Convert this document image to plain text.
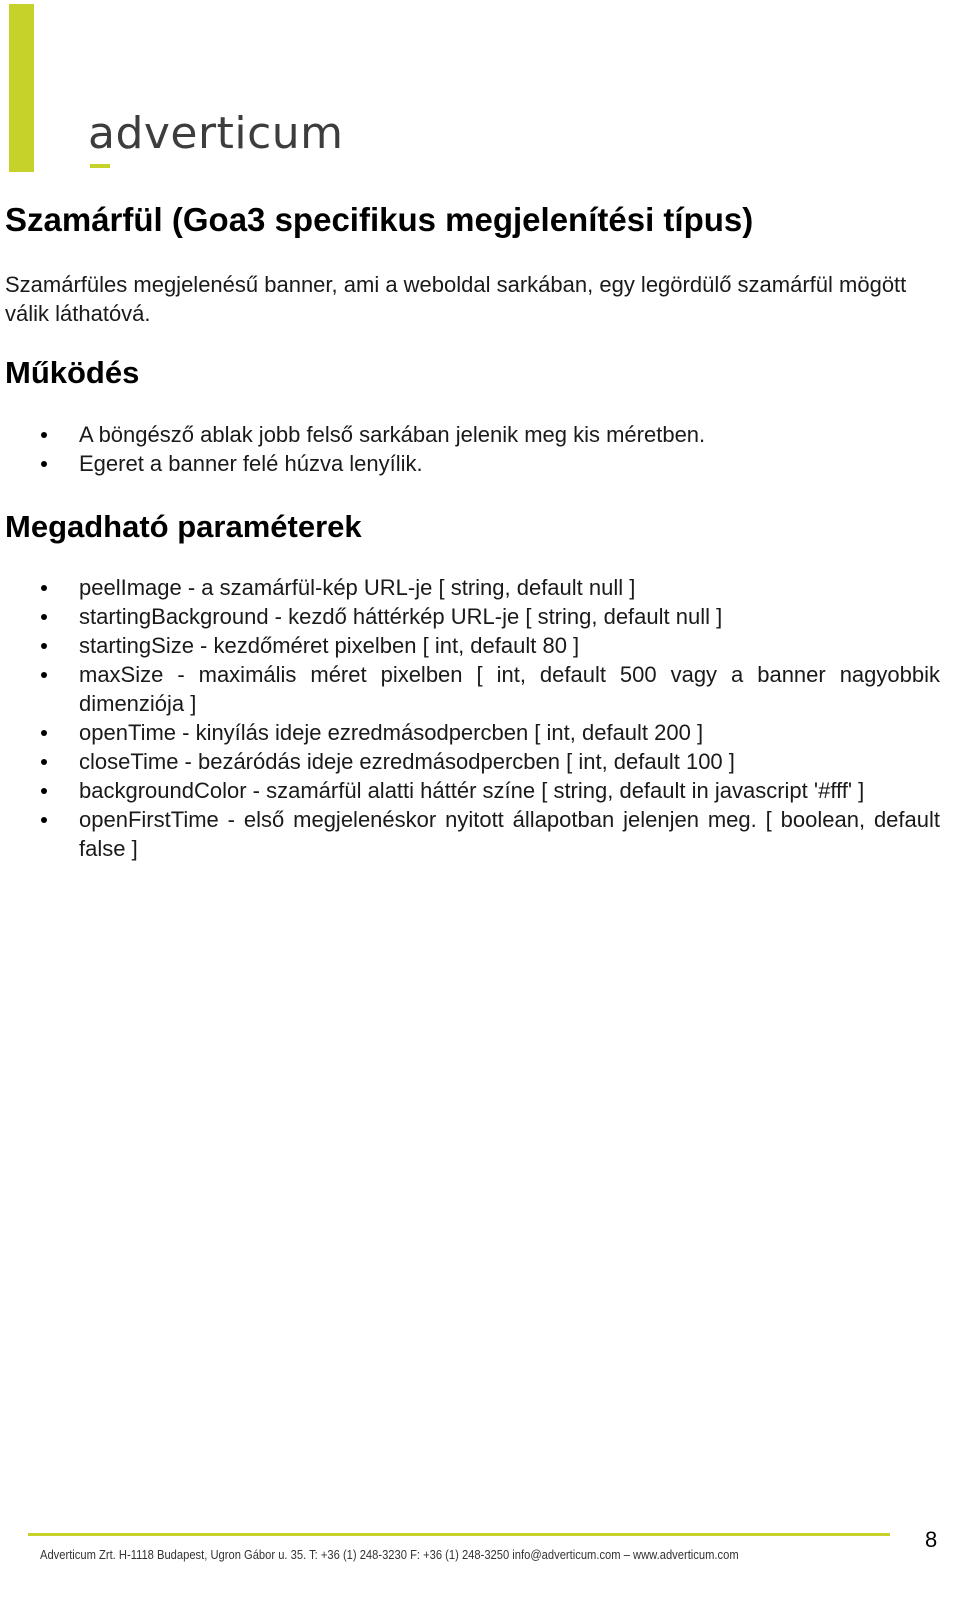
adverticum
Szamárfül (Goa3 specifikus megjelenítési típus)

Szamárfüles megjelenésű banner, ami a weboldal sarkában, egy legördülő szamárfül mögött válik láthatóvá.

Működés
A böngésző ablak jobb felső sarkában jelenik meg kis méretben.
Egeret a banner felé húzva lenyílik.
Megadható paraméterek
peelImage - a szamárfül-kép URL-je [ string, default null ]
startingBackground - kezdő háttérkép URL-je [ string, default null ]
startingSize - kezdőméret pixelben [ int, default 80 ]
maxSize - maximális méret pixelben [ int, default 500 vagy a banner nagyobbik dimenziója ]
openTime - kinyílás ideje ezredmásodpercben [ int, default 200 ]
closeTime - bezáródás ideje ezredmásodpercben [ int, default 100 ]
backgroundColor - szamárfül alatti háttér színe [ string, default in javascript '#fff' ]
openFirstTime - első megjelenéskor nyitott állapotban jelenjen meg. [ boolean, default false ]
Adverticum Zrt. H-1118 Budapest, Ugron Gábor u. 35. T: +36 (1) 248-3230 F: +36 (1) 248-3250 info@adverticum.com – www.adverticum.com
8
